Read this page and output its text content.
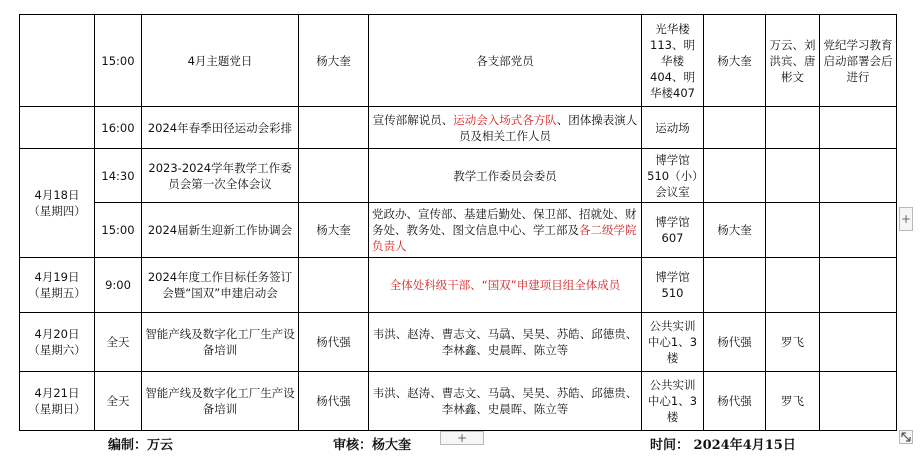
	15:00	4月主题党日	杨大奎	各支部党员	光华楼113、明华楼404、明华楼407	杨大奎	万云、刘洪宾、唐彬文	党纪学习教育启动部署会后进行
	16:00	2024年春季田径运动会彩排		宣传部解说员、运动会入场式各方队、团体操表演人员及相关工作人员	运动场			
4月18日
（星期四）	14:30	2023-2024学年教学工作委员会第一次全体会议		教学工作委员会委员	博学馆510（小）会议室			
	15:00	2024届新生迎新工作协调会	杨大奎	党政办、宣传部、基建后勤处、保卫部、招就处、财务处、教务处、图文信息中心、学工部及各二级学院负责人	博学馆607	杨大奎		
4月19日
（星期五）	9:00	2024年度工作目标任务签订会暨“国双”申建启动会		全体处科级干部、“国双”申建项目组全体成员	博学馆510			
4月20日
（星期六）	全天	智能产线及数字化工厂生产设备培训	杨代强	韦洪、赵涛、曹志文、马骉、吴昊、苏皓、邱德贵、李林鑫、史晨晖、陈立等	公共实训中心1、3楼	杨代强	罗飞	
4月21日
（星期日）	全天	智能产线及数字化工厂生产设备培训	杨代强	韦洪、赵涛、曹志文、马骉、吴昊、苏皓、邱德贵、李林鑫、史晨晖、陈立等	公共实训中心1、3楼	杨代强	罗飞	
编制：万云	审核：杨大奎	时间： 2024年4月15日
+
+
